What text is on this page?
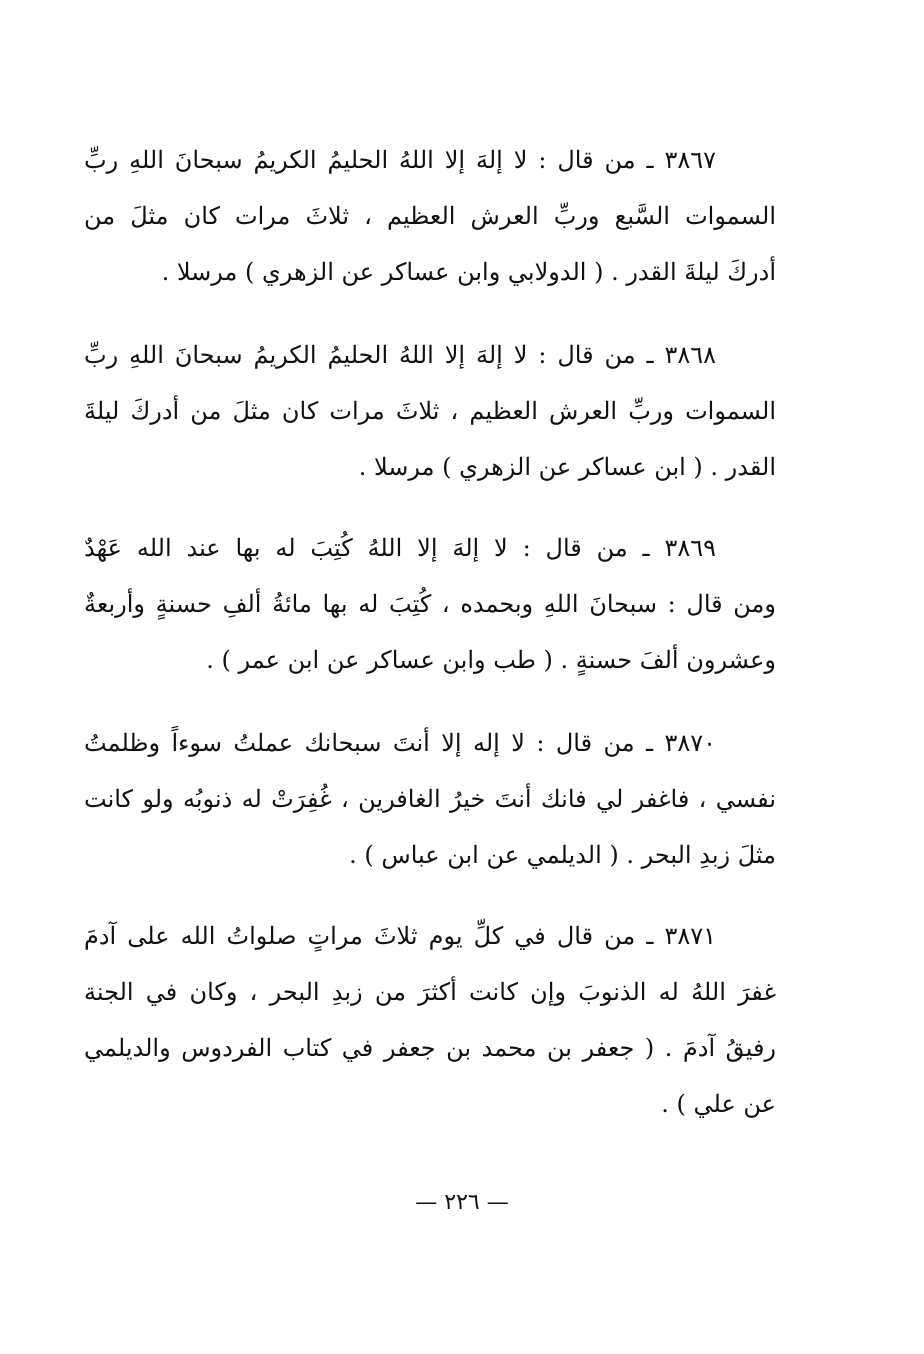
٣٨٦٧ ـ من قال : لا إلهَ إلا اللهُ الحليمُ الكريمُ سبحانَ اللهِ ربِّ
السموات السَّبع وربِّ العرش العظيم ، ثلاثَ مرات كان مثلَ من
أدركَ ليلةَ القدر . ( الدولابي وابن عساكر عن الزهري ) مرسلا .
٣٨٦٨ ـ من قال : لا إلهَ إلا اللهُ الحليمُ الكريمُ سبحانَ اللهِ ربِّ
السموات وربِّ العرش العظيم ، ثلاثَ مرات كان مثلَ من أدركَ ليلةَ
القدر . ( ابن عساكر عن الزهري ) مرسلا .
٣٨٦٩ ـ من قال : لا إلهَ إلا اللهُ كُتِبَ له بها عند الله عَهْدٌ
ومن قال : سبحانَ اللهِ وبحمده ، كُتِبَ له بها مائةُ ألفِ حسنةٍ وأربعةٌ
وعشرون ألفَ حسنةٍ . ( طب وابن عساكر عن ابن عمر ) .
٣٨٧٠ ـ من قال : لا إله إلا أنتَ سبحانك عملتُ سوءاً وظلمتُ
نفسي ، فاغفر لي فانك أنتَ خيرُ الغافرين ، غُفِرَتْ له ذنوبُه ولو كانت
مثلَ زبدِ البحر . ( الديلمي عن ابن عباس ) .
٣٨٧١ ـ من قال في كلِّ يوم ثلاثَ مراتٍ صلواتُ الله على آدمَ
غفرَ اللهُ له الذنوبَ وإن كانت أكثرَ من زبدِ البحر ، وكان في الجنة
رفيقُ آدمَ . ( جعفر بن محمد بن جعفر في كتاب الفردوس والديلمي
عن علي ) .
— ٢٢٦ —
